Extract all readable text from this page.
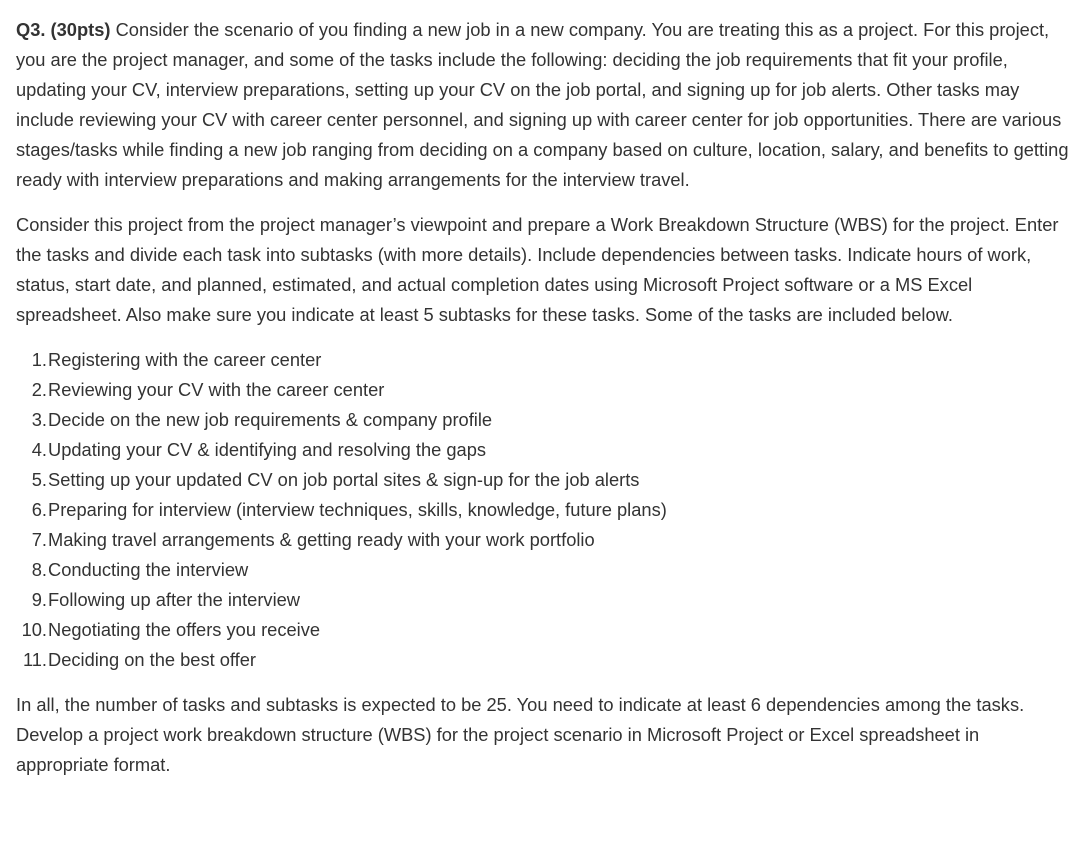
Q3. (30pts) Consider the scenario of you finding a new job in a new company. You are treating this as a project. For this project, you are the project manager, and some of the tasks include the following: deciding the job requirements that fit your profile, updating your CV, interview preparations, setting up your CV on the job portal, and signing up for job alerts. Other tasks may include reviewing your CV with career center personnel, and signing up with career center for job opportunities. There are various stages/tasks while finding a new job ranging from deciding on a company based on culture, location, salary, and benefits to getting ready with interview preparations and making arrangements for the interview travel.

Consider this project from the project manager’s viewpoint and prepare a Work Breakdown Structure (WBS) for the project. Enter the tasks and divide each task into subtasks (with more details). Include dependencies between tasks. Indicate hours of work, status, start date, and planned, estimated, and actual completion dates using Microsoft Project software or a MS Excel spreadsheet. Also make sure you indicate at least 5 subtasks for these tasks. Some of the tasks are included below.

1. Registering with the career center
2. Reviewing your CV with the career center
3. Decide on the new job requirements & company profile
4. Updating your CV & identifying and resolving the gaps
5. Setting up your updated CV on job portal sites & sign-up for the job alerts
6. Preparing for interview (interview techniques, skills, knowledge, future plans)
7. Making travel arrangements & getting ready with your work portfolio
8. Conducting the interview
9. Following up after the interview
10. Negotiating the offers you receive
11. Deciding on the best offer

In all, the number of tasks and subtasks is expected to be 25. You need to indicate at least 6 dependencies among the tasks. Develop a project work breakdown structure (WBS) for the project scenario in Microsoft Project or Excel spreadsheet in appropriate format.
